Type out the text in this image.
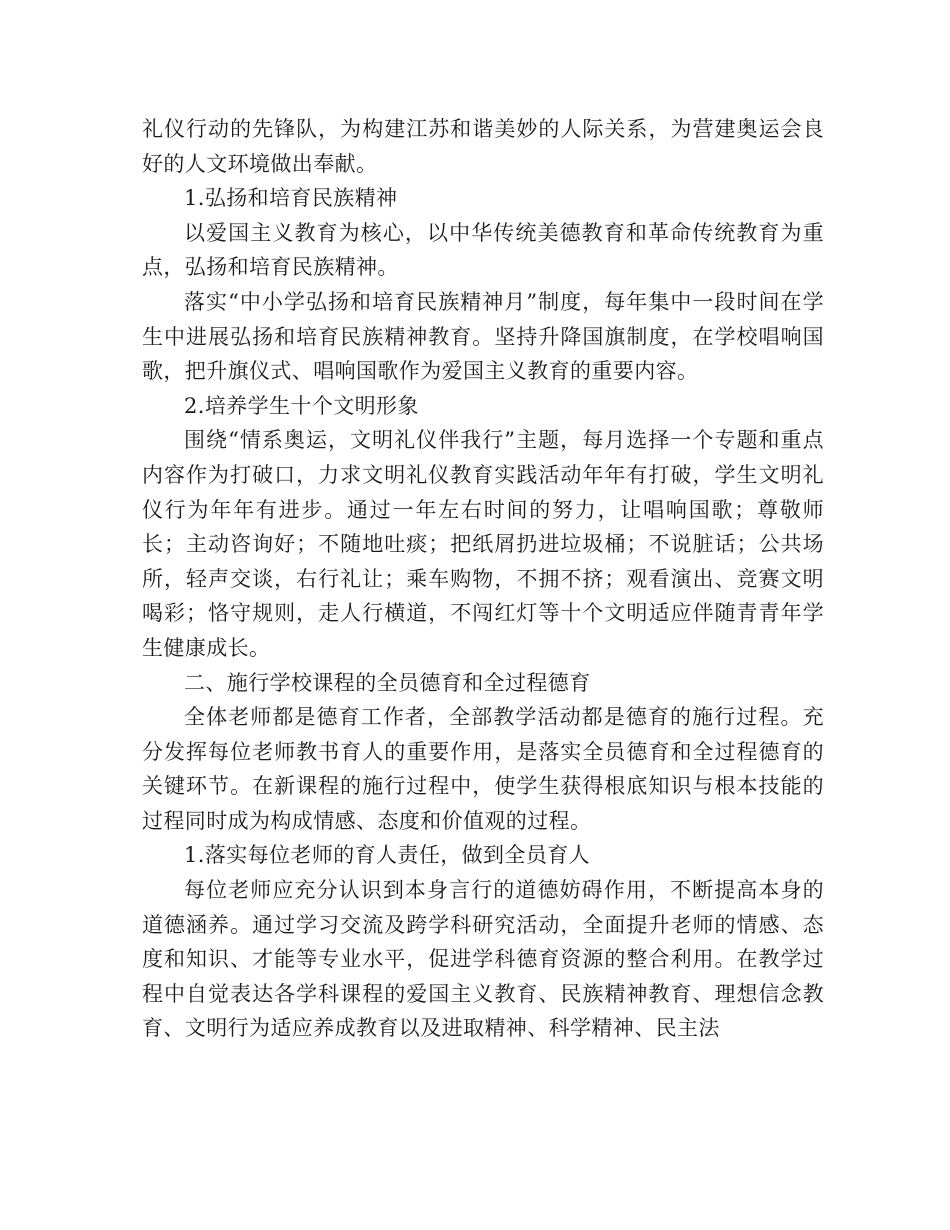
礼仪行动的先锋队，为构建江苏和谐美妙的人际关系，为营建奥运会良好的人文环境做出奉献。

1.弘扬和培育民族精神

以爱国主义教育为核心，以中华传统美德教育和革命传统教育为重点，弘扬和培育民族精神。

落实“中小学弘扬和培育民族精神月”制度，每年集中一段时间在学生中进展弘扬和培育民族精神教育。坚持升降国旗制度，在学校唱响国歌，把升旗仪式、唱响国歌作为爱国主义教育的重要内容。

2.培养学生十个文明形象

围绕“情系奥运，文明礼仪伴我行”主题，每月选择一个专题和重点内容作为打破口，力求文明礼仪教育实践活动年年有打破，学生文明礼仪行为年年有进步。通过一年左右时间的努力，让唱响国歌；尊敬师长；主动咨询好；不随地吐痰；把纸屑扔进垃圾桶；不说脏话；公共场所，轻声交谈，右行礼让；乘车购物，不拥不挤；观看演出、竞赛文明喝彩；恪守规则，走人行横道，不闯红灯等十个文明适应伴随青青年学生健康成长。

二、施行学校课程的全员德育和全过程德育

全体老师都是德育工作者，全部教学活动都是德育的施行过程。充分发挥每位老师教书育人的重要作用，是落实全员德育和全过程德育的关键环节。在新课程的施行过程中，使学生获得根底知识与根本技能的过程同时成为构成情感、态度和价值观的过程。

1.落实每位老师的育人责任，做到全员育人

每位老师应充分认识到本身言行的道德妨碍作用，不断提高本身的道德涵养。通过学习交流及跨学科研究活动，全面提升老师的情感、态度和知识、才能等专业水平，促进学科德育资源的整合利用。在教学过程中自觉表达各学科课程的爱国主义教育、民族精神教育、理想信念教育、文明行为适应养成教育以及进取精神、科学精神、民主法
